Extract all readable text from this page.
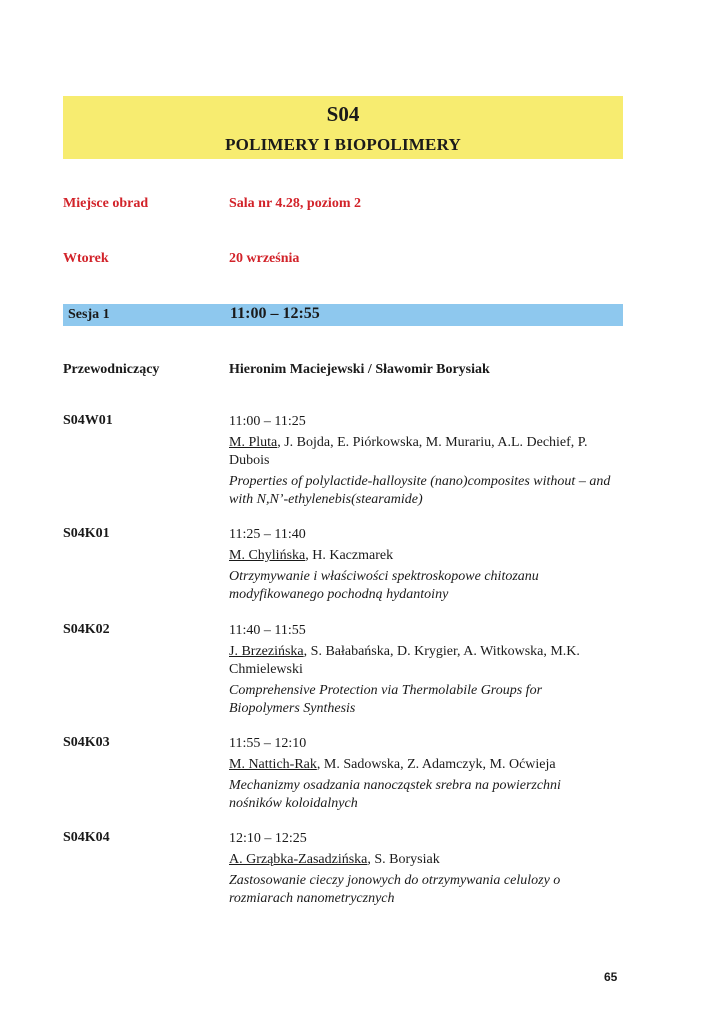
S04
POLIMERY I BIOPOLIMERY
Miejsce obrad	Sala nr 4.28, poziom 2
Wtorek	20 września
Sesja 1	11:00 – 12:55
Przewodniczący	Hieronim Maciejewski / Sławomir Borysiak
S04W01	11:00 – 11:25
M. Pluta, J. Bojda, E. Piórkowska, M. Murariu, A.L. Dechief, P. Dubois
Properties of polylactide-halloysite (nano)composites without – and with N,N’-ethylenebis(stearamide)
S04K01	11:25 – 11:40
M. Chylińska, H. Kaczmarek
Otrzymywanie i właściwości spektroskopowe chitozanu modyfikowanego pochodną hydantoiny
S04K02	11:40 – 11:55
J. Brzezińska, S. Bałabańska, D. Krygier, A. Witkowska, M.K. Chmielewski
Comprehensive Protection via Thermolabile Groups for Biopolymers Synthesis
S04K03	11:55 – 12:10
M. Nattich-Rak, M. Sadowska, Z. Adamczyk, M. Oćwieja
Mechanizmy osadzania nanocząstek srebra na powierzchni nośników koloidalnych
S04K04	12:10 – 12:25
A. Grząbka-Zasadzińska, S. Borysiak
Zastosowanie cieczy jonowych do otrzymywania celulozy o rozmiarach nanometrycznych
65
